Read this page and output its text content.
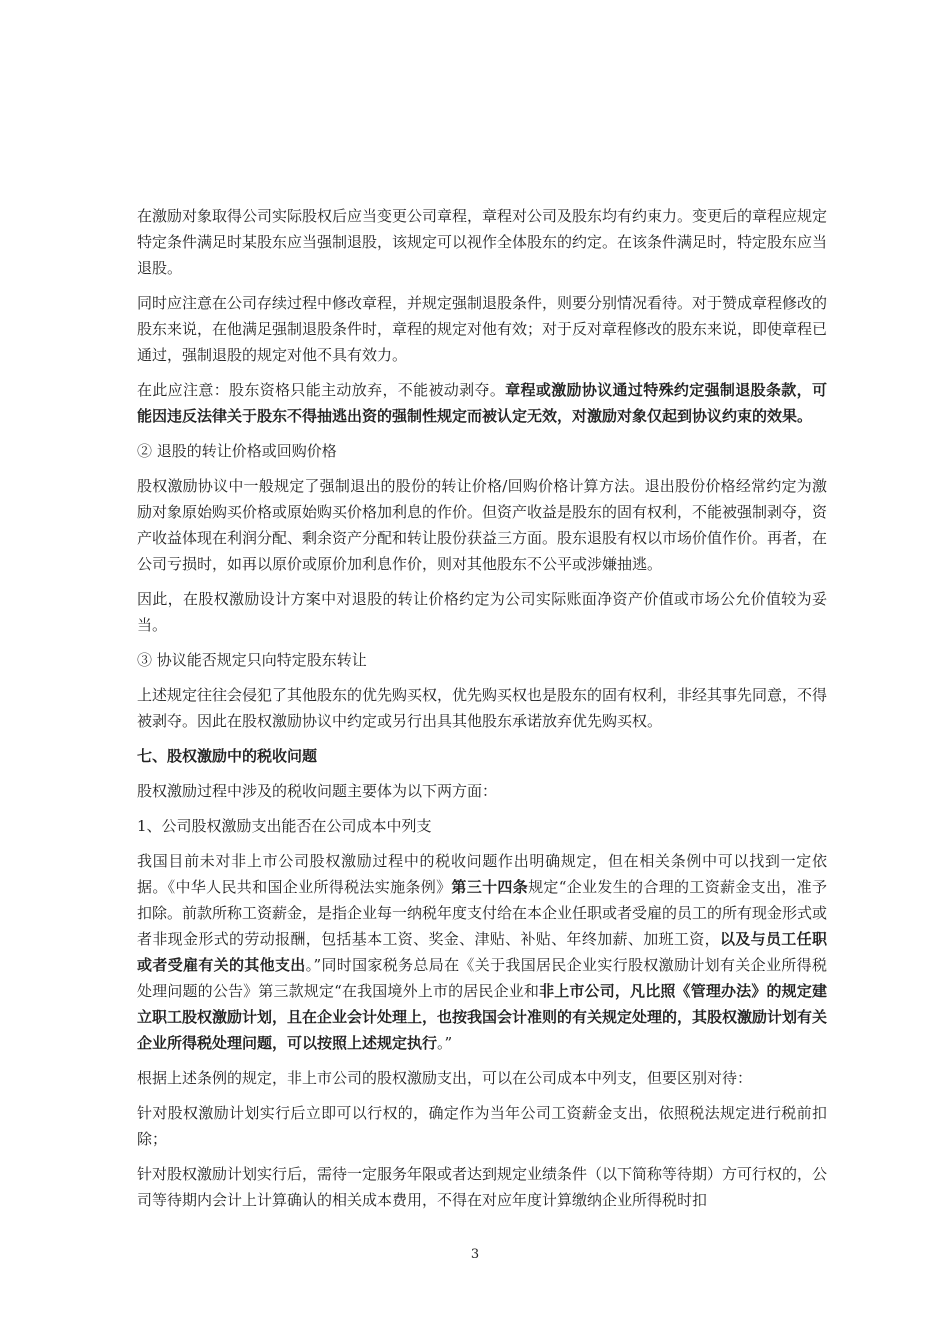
在激励对象取得公司实际股权后应当变更公司章程，章程对公司及股东均有约束力。变更后的章程应规定特定条件满足时某股东应当强制退股，该规定可以视作全体股东的约定。在该条件满足时，特定股东应当退股。

同时应注意在公司存续过程中修改章程，并规定强制退股条件，则要分别情况看待。对于赞成章程修改的股东来说，在他满足强制退股条件时，章程的规定对他有效；对于反对章程修改的股东来说，即使章程已通过，强制退股的规定对他不具有效力。

在此应注意：股东资格只能主动放弃，不能被动剥夺。章程或激励协议通过特殊约定强制退股条款，可能因违反法律关于股东不得抽逃出资的强制性规定而被认定无效，对激励对象仅起到协议约束的效果。

② 退股的转让价格或回购价格

股权激励协议中一般规定了强制退出的股份的转让价格/回购价格计算方法。退出股份价格经常约定为激励对象原始购买价格或原始购买价格加利息的作价。但资产收益是股东的固有权利，不能被强制剥夺，资产收益体现在利润分配、剩余资产分配和转让股份获益三方面。股东退股有权以市场价值作价。再者，在公司亏损时，如再以原价或原价加利息作价，则对其他股东不公平或涉嫌抽逃。

因此，在股权激励设计方案中对退股的转让价格约定为公司实际账面净资产价值或市场公允价值较为妥当。

③ 协议能否规定只向特定股东转让

上述规定往往会侵犯了其他股东的优先购买权，优先购买权也是股东的固有权利，非经其事先同意，不得被剥夺。因此在股权激励协议中约定或另行出具其他股东承诺放弃优先购买权。

七、股权激励中的税收问题

股权激励过程中涉及的税收问题主要体为以下两方面：

1、公司股权激励支出能否在公司成本中列支

我国目前未对非上市公司股权激励过程中的税收问题作出明确规定，但在相关条例中可以找到一定依据。《中华人民共和国企业所得税法实施条例》第三十四条规定“企业发生的合理的工资薪金支出，准予扣除。前款所称工资薪金，是指企业每一纳税年度支付给在本企业任职或者受雇的员工的所有现金形式或者非现金形式的劳动报酬，包括基本工资、奖金、津贴、补贴、年终加薪、加班工资，以及与员工任职或者受雇有关的其他支出。”同时国家税务总局在《关于我国居民企业实行股权激励计划有关企业所得税处理问题的公告》第三款规定“在我国境外上市的居民企业和非上市公司，凡比照《管理办法》的规定建立职工股权激励计划，且在企业会计处理上，也按我国会计准则的有关规定处理的，其股权激励计划有关企业所得税处理问题，可以按照上述规定执行。”

根据上述条例的规定，非上市公司的股权激励支出，可以在公司成本中列支，但要区别对待：

针对股权激励计划实行后立即可以行权的，确定作为当年公司工资薪金支出，依照税法规定进行税前扣除；

针对股权激励计划实行后，需待一定服务年限或者达到规定业绩条件（以下简称等待期）方可行权的，公司等待期内会计上计算确认的相关成本费用，不得在对应年度计算缴纳企业所得税时扣

3
